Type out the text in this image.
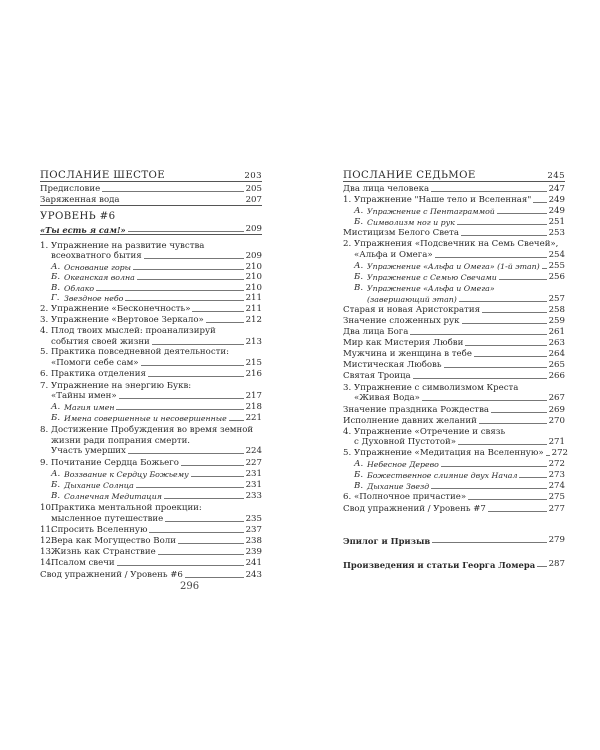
ПОСЛАНИЕ ШЕСТОЕ	203
Предисловие	205
Заряженная вода	207
УРОВЕНЬ #6
«Ты есть я сам!»	209
1. Упражнение на развитие чувства
всеохватного бытия	209
А. Основание горы	210
Б. Океанская волна	210
В. Облако	210
Г. Звездное небо	211
2. Упражнение «Бесконечность»	211
3. Упражнение «Вертовое Зеркало»	212
4. Плод твоих мыслей: проанализируй
события своей жизни	213
5. Практика повседневной деятельности:
«Помоги себе сам»	215
6. Практика отделения	216
7. Упражнение на энергию Букв:
«Тайны имен»	217
А. Магия имен	218
Б. Имена совершенные и несовершенные 221
8. Достижение Пробуждения во время земной
жизни ради попрания смерти.
Участь умерших	224
9. Почитание Сердца Божьего	227
А. Воззвание к Сердцу Божьему	231
Б. Дыхание Солнца	231
В. Солнечная Медитация	233
10.
Практика ментальной проекции:
мысленное путешествие	235
11.
Спросить Вселенную	237
12.
Вера как Могущество Воли	238
13.
Жизнь как Странствие	239
14.
Псалом свечи	241
Свод упражнений / Уровень #6	243
296
ПОСЛАНИЕ СЕДЬМОЕ	245
Два лица человека	247
1. Упражнение "Наше тело и Вселенная" 249
А. Упражнение с Пентаграммой	249
Б. Символизм ног и рук	251
Мистицизм Белого Света	253
2. Упражнения «Подсвечник на Семь Свечей»,
«Альфа и Омега»	254
А. Упражнение «Альфа и Омега» (1-й этап) 255
Б. Упражнение с Семью Свечами	256
В. Упражнение «Альфа и Омега»
(завершающий этап)	257
Старая и новая Аристократия	258
Значение сложенных рук	259
Два лица Бога	261
Мир как Мистерия Любви	263
Мужчина и женщина в тебе	264
Мистическая Любовь	265
Святая Троица	266
3. Упражнение с символизмом Креста
«Живая Вода»	267
Значение праздника Рождества	269
Исполнение давних желаний	270
4. Упражнение «Отречение и связь
с Духовной Пустотой»	271
5. Упражнение «Медитация на Вселенную» 272
А. Небесное Дерево	272
Б. Божественное слияние двух Начал	273
В. Дыхание Звезд	274
6. «Полночное причастие»	275
Свод упражнений / Уровень #7	277
Эпилог и Призыв	279
Произведения и статьи Георга Ломера 287
